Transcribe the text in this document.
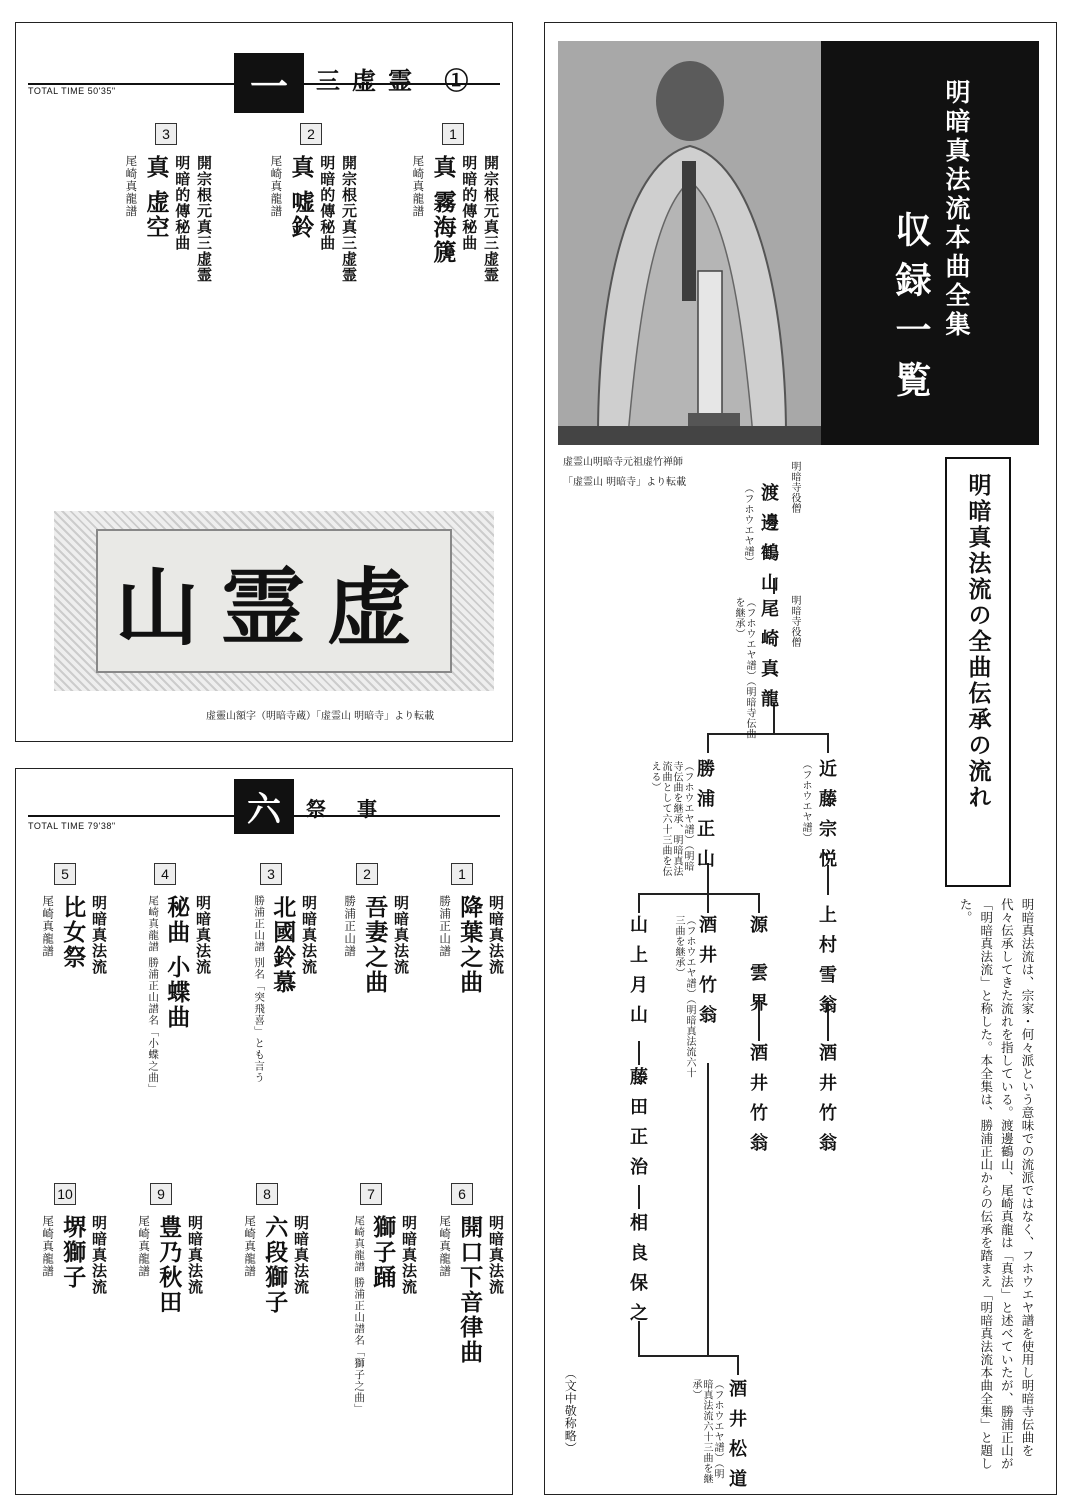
一	三虚霊 ①
TOTAL TIME 50'35"
1
開宗根元真三虚霊
明暗的傳秘曲
真 霧海篪
尾崎真龍譜
2
開宗根元真三虚霊
明暗的傳秘曲
真 嘘鈴
尾崎真龍譜
3
開宗根元真三虚霊
明暗的傳秘曲
真 虚空
尾崎真龍譜
虚霊山
虚靈山額字（明暗寺蔵）「虚霊山 明暗寺」より転載
六	祭 事
TOTAL TIME 79'38"
1
明暗真法流
降葉之曲
勝浦正山譜
2
明暗真法流
吾妻之曲
勝浦正山譜
3
明暗真法流
北國鈴慕
勝浦正山譜 別名「突飛喜」とも言う
4
明暗真法流
秘曲 小蝶曲
尾崎真龍譜 勝浦正山譜名「小蝶之曲」
5
明暗真法流
比女祭
尾崎真龍譜
6
明暗真法流
開口下音律曲
尾崎真龍譜
7
明暗真法流
獅子踊
尾崎真龍譜 勝浦正山譜名「獅子之曲」
8
明暗真法流
六段獅子
尾崎真龍譜
9
明暗真法流
豊乃秋田
尾崎真龍譜
10
明暗真法流
堺獅子
尾崎真龍譜
明暗真法流本曲全集
収録一覧
虚霊山明暗寺元祖虚竹禅師
「虚霊山 明暗寺」より転載	明暗真法流の全曲伝承の流れ
渡邊鶴山 明暗寺役僧
（フホウエヤ譜）
尾崎真龍 明暗寺役僧
（フホウエヤ譜）（明暗寺伝曲を継承）
近藤宗悦
（フホウエヤ譜）
勝浦正山
（フホウエヤ譜）（明暗寺伝曲を継承、明暗真法流曲として六十三曲を伝える）
上村雪翁
源 雲界
酒井竹翁
（フホウエヤ譜）（明暗真法流六十三曲を継承）
山上月山
酒井竹翁
酒井竹翁
藤田正治
相良保之
酒井松道
（フホウエヤ譜）（明暗真法流六十三曲を継承）
（文中敬称略）	明暗真法流は、宗家・何々派という意味での流派ではなく、フホウエヤ譜を使用し明暗寺伝曲を代々伝承してきた流れを指している。渡邊鶴山、尾崎真龍は「真法」と述べていたが、勝浦正山が「明暗真法流」と称した。本全集は、勝浦正山からの伝承を踏まえ「明暗真法流本曲全集」と題した。
